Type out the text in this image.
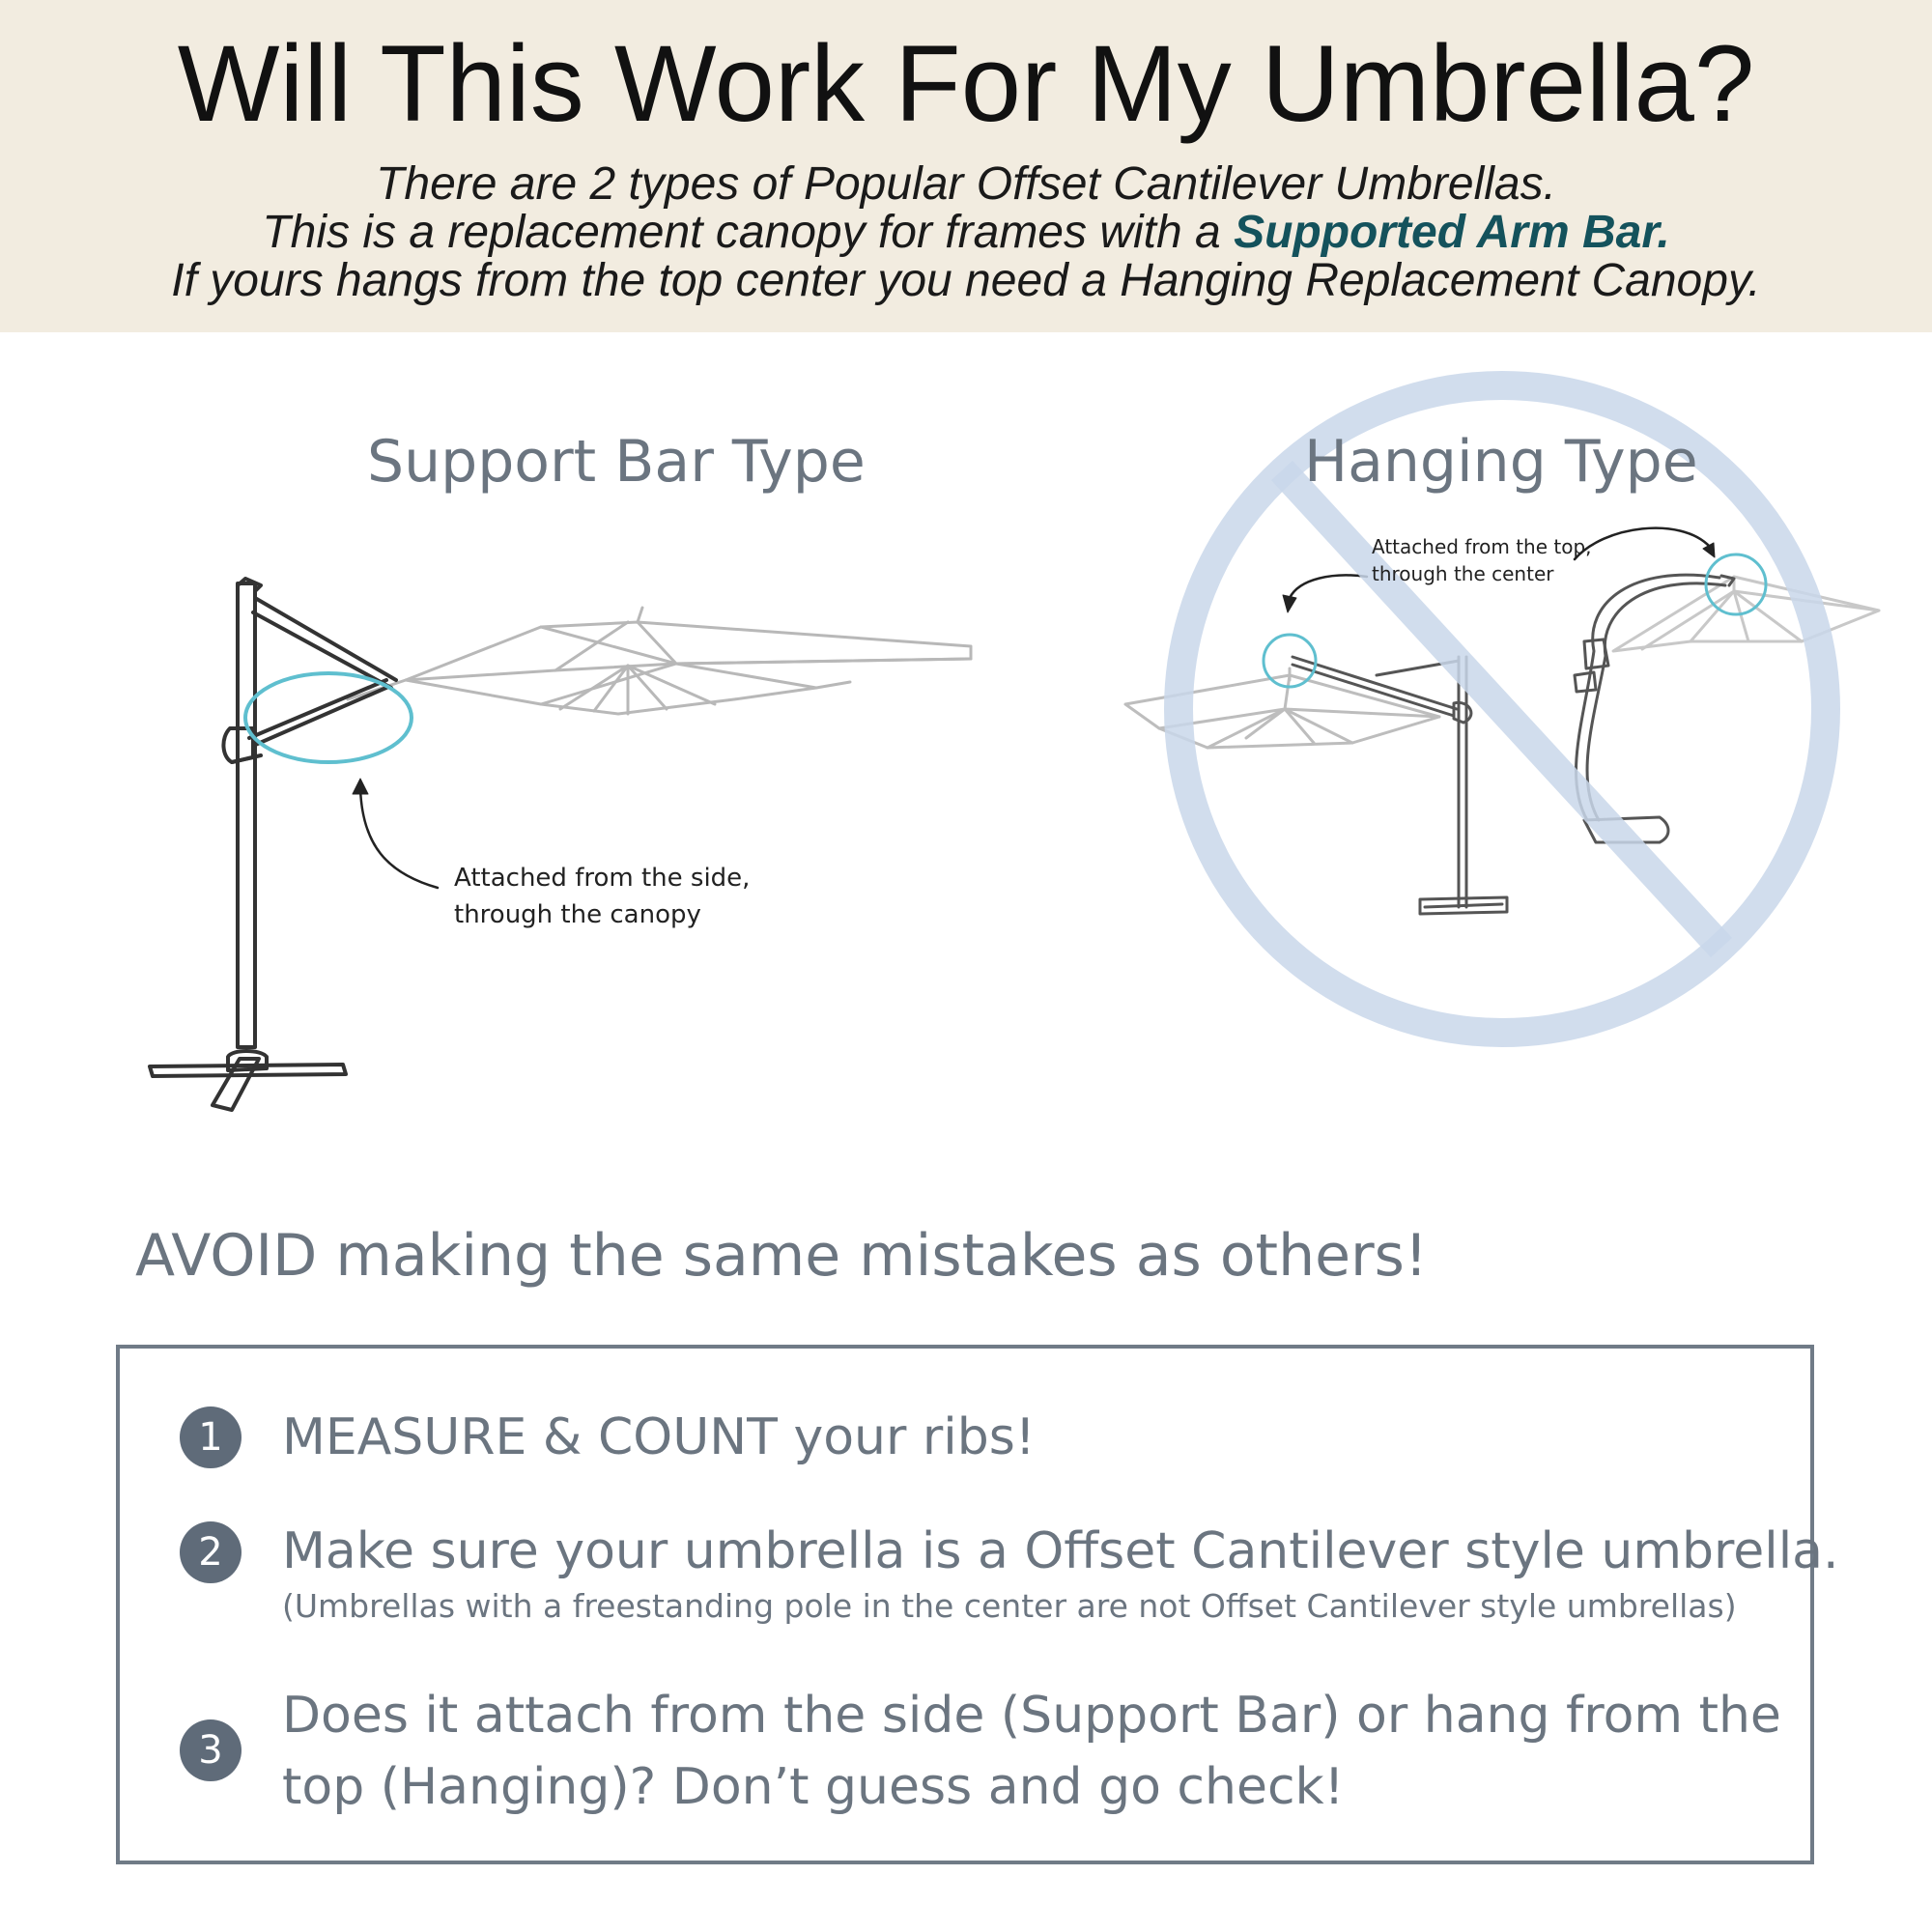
Will This Work For My Umbrella?
There are 2 types of Popular Offset Cantilever Umbrellas.
This is a replacement canopy for frames with a Supported Arm Bar.
If yours hangs from the top center you need a Hanging Replacement Canopy.
Support Bar Type	Hanging Type
Attached from the side,
through the canopy
Attached from the top,
through the center
AVOID making the same mistakes as others!
1	MEASURE & COUNT your ribs!
2	Make sure your umbrella is a Offset Cantilever style umbrella.
(Umbrellas with a freestanding pole in the center are not Offset Cantilever style umbrellas)
3
Does it attach from the side (Support Bar) or hang from the
top (Hanging)? Don’t guess and go check!
